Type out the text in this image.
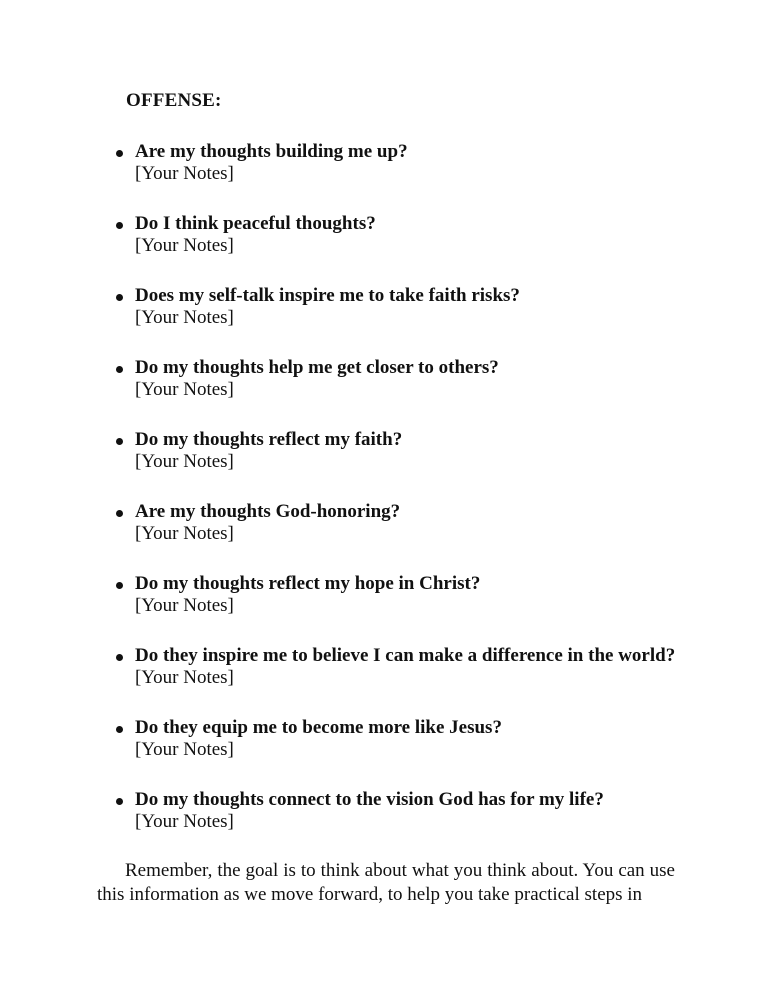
OFFENSE:
Are my thoughts building me up?
[Your Notes]
Do I think peaceful thoughts?
[Your Notes]
Does my self-talk inspire me to take faith risks?
[Your Notes]
Do my thoughts help me get closer to others?
[Your Notes]
Do my thoughts reflect my faith?
[Your Notes]
Are my thoughts God-honoring?
[Your Notes]
Do my thoughts reflect my hope in Christ?
[Your Notes]
Do they inspire me to believe I can make a difference in the world?
[Your Notes]
Do they equip me to become more like Jesus?
[Your Notes]
Do my thoughts connect to the vision God has for my life?
[Your Notes]

Remember, the goal is to think about what you think about. You can use this information as we move forward, to help you take practical steps in
